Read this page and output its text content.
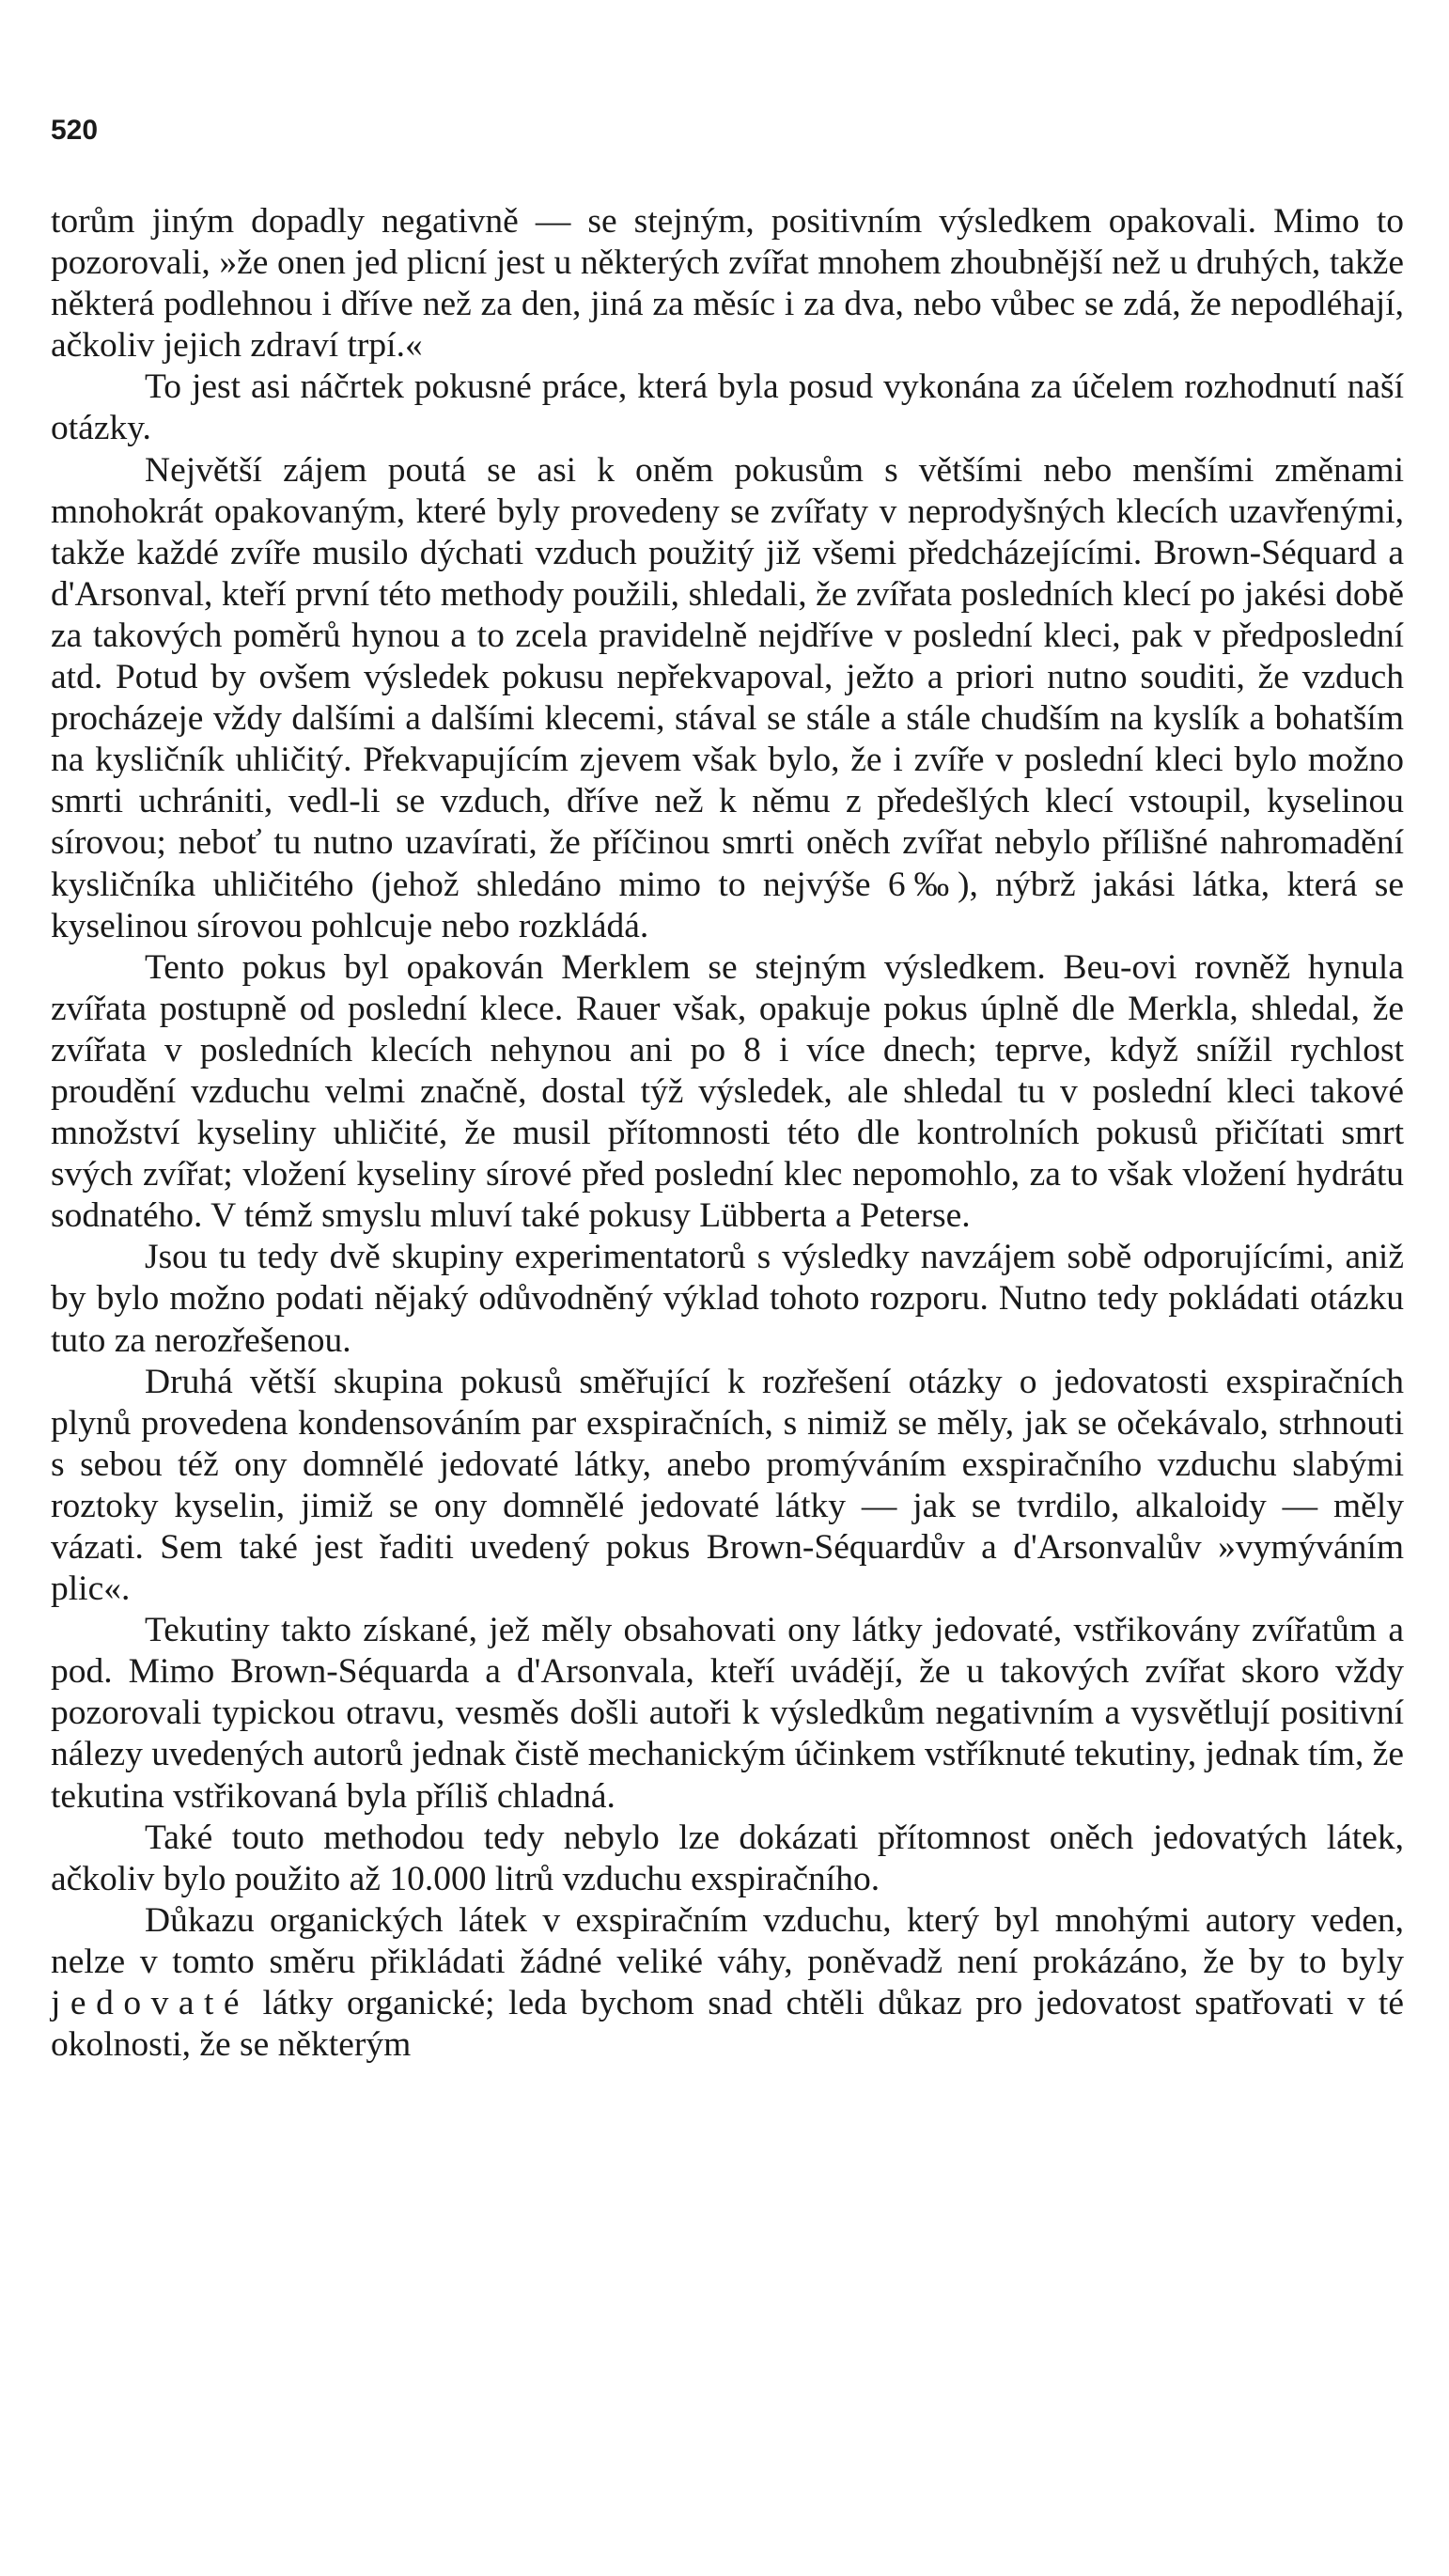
520

torům jiným dopadly negativně — se stejným, positivním výsledkem opakovali. Mimo to pozorovali, »že onen jed plicní jest u některých zvířat mnohem zhoubnější než u druhých, takže některá podlehnou i dříve než za den, jiná za měsíc i za dva, nebo vůbec se zdá, že nepodléhají, ačkoliv jejich zdraví trpí.«

To jest asi náčrtek pokusné práce, která byla posud vykonána za účelem rozhodnutí naší otázky.

Největší zájem poutá se asi k oněm pokusům s většími nebo menšími změnami mnohokrát opakovaným, které byly provedeny se zvířaty v neprodyšných klecích uzavřenými, takže každé zvíře musilo dýchati vzduch použitý již všemi předcházejícími. Brown-Séquard a d'Arsonval, kteří první této methody použili, shledali, že zvířata posledních klecí po jakési době za takových poměrů hynou a to zcela pravidelně nejdříve v poslední kleci, pak v předposlední atd. Potud by ovšem výsledek pokusu nepřekvapoval, ježto a priori nutno souditi, že vzduch procházeje vždy dalšími a dalšími klecemi, stával se stále a stále chudším na kyslík a bohatším na kysličník uhličitý. Překvapujícím zjevem však bylo, že i zvíře v poslední kleci bylo možno smrti uchrániti, vedl-li se vzduch, dříve než k němu z předešlých klecí vstoupil, kyselinou sírovou; neboť tu nutno uzavírati, že příčinou smrti oněch zvířat nebylo přílišné nahromadění kysličníka uhličitého (jehož shledáno mimo to nejvýše 6‰), nýbrž jakási látka, která se kyselinou sírovou pohlcuje nebo rozkládá.

Tento pokus byl opakován Merklem se stejným výsledkem. Beu-ovi rovněž hynula zvířata postupně od poslední klece. Rauer však, opakuje pokus úplně dle Merkla, shledal, že zvířata v posledních klecích nehynou ani po 8 i více dnech; teprve, když snížil rychlost proudění vzduchu velmi značně, dostal týž výsledek, ale shledal tu v poslední kleci takové množství kyseliny uhličité, že musil přítomnosti této dle kontrolních pokusů přičítati smrt svých zvířat; vložení kyseliny sírové před poslední klec nepomohlo, za to však vložení hydrátu sodnatého. V témž smyslu mluví také pokusy Lübberta a Peterse.

Jsou tu tedy dvě skupiny experimentatorů s výsledky navzájem sobě odporujícími, aniž by bylo možno podati nějaký odůvodněný výklad tohoto rozporu. Nutno tedy pokládati otázku tuto za nerozřešenou.

Druhá větší skupina pokusů směřující k rozřešení otázky o jedovatosti exspiračních plynů provedena kondensováním par exspiračních, s nimiž se měly, jak se očekávalo, strhnouti s sebou též ony domnělé jedovaté látky, anebo promýváním exspiračního vzduchu slabými roztoky kyselin, jimiž se ony domnělé jedovaté látky — jak se tvrdilo, alkaloidy — měly vázati. Sem také jest řaditi uvedený pokus Brown-Séquardův a d'Arsonvalův »vymýváním plic«.

Tekutiny takto získané, jež měly obsahovati ony látky jedovaté, vstřikovány zvířatům a pod. Mimo Brown-Séquarda a d'Arsonvala, kteří uvádějí, že u takových zvířat skoro vždy pozorovali typickou otravu, vesměs došli autoři k výsledkům negativním a vysvětlují positivní nálezy uvedených autorů jednak čistě mechanickým účinkem vstříknuté tekutiny, jednak tím, že tekutina vstřikovaná byla příliš chladná.

Také touto methodou tedy nebylo lze dokázati přítomnost oněch jedovatých látek, ačkoliv bylo použito až 10.000 litrů vzduchu exspiračního.

Důkazu organických látek v exspiračním vzduchu, který byl mnohými autory veden, nelze v tomto směru přikládati žádné veliké váhy, poněvadž není prokázáno, že by to byly jedovaté látky organické; leda bychom snad chtěli důkaz pro jedovatost spatřovati v té okolnosti, že se některým
